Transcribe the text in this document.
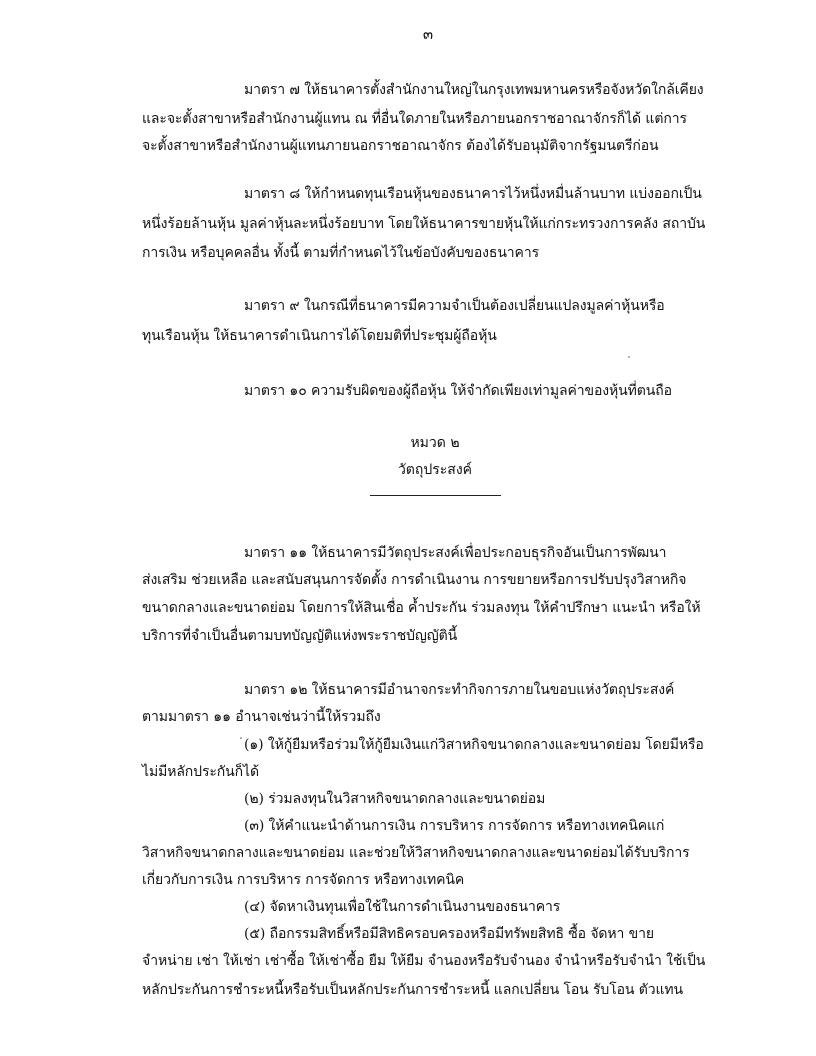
๓
มาตรา ๗ ให้ธนาคารตั้งสำนักงานใหญ่ในกรุงเทพมหานครหรือจังหวัดใกล้เคียง
และจะตั้งสาขาหรือสำนักงานผู้แทน ณ ที่อื่นใดภายในหรือภายนอกราชอาณาจักรก็ได้ แต่การ
จะตั้งสาขาหรือสำนักงานผู้แทนภายนอกราชอาณาจักร ต้องได้รับอนุมัติจากรัฐมนตรีก่อน
มาตรา ๘ ให้กำหนดทุนเรือนหุ้นของธนาคารไว้หนึ่งหมื่นล้านบาท แบ่งออกเป็น
หนึ่งร้อยล้านหุ้น มูลค่าหุ้นละหนึ่งร้อยบาท โดยให้ธนาคารขายหุ้นให้แก่กระทรวงการคลัง สถาบัน
การเงิน หรือบุคคลอื่น ทั้งนี้ ตามที่กำหนดไว้ในข้อบังคับของธนาคาร
มาตรา ๙ ในกรณีที่ธนาคารมีความจำเป็นต้องเปลี่ยนแปลงมูลค่าหุ้นหรือ
ทุนเรือนหุ้น ให้ธนาคารดำเนินการได้โดยมติที่ประชุมผู้ถือหุ้น
มาตรา ๑๐ ความรับผิดของผู้ถือหุ้น ให้จำกัดเพียงเท่ามูลค่าของหุ้นที่ตนถือ
หมวด ๒
วัตถุประสงค์
มาตรา ๑๑ ให้ธนาคารมีวัตถุประสงค์เพื่อประกอบธุรกิจอันเป็นการพัฒนา
ส่งเสริม ช่วยเหลือ และสนับสนุนการจัดตั้ง การดำเนินงาน การขยายหรือการปรับปรุงวิสาหกิจ
ขนาดกลางและขนาดย่อม โดยการให้สินเชื่อ ค้ำประกัน ร่วมลงทุน ให้คำปรึกษา แนะนำ หรือให้
บริการที่จำเป็นอื่นตามบทบัญญัติแห่งพระราชบัญญัตินี้
มาตรา ๑๒ ให้ธนาคารมีอำนาจกระทำกิจการภายในขอบแห่งวัตถุประสงค์
ตามมาตรา ๑๑ อำนาจเช่นว่านี้ให้รวมถึง
(๑) ให้กู้ยืมหรือร่วมให้กู้ยืมเงินแก่วิสาหกิจขนาดกลางและขนาดย่อม โดยมีหรือ
ไม่มีหลักประกันก็ได้
(๒) ร่วมลงทุนในวิสาหกิจขนาดกลางและขนาดย่อม
(๓) ให้คำแนะนำด้านการเงิน การบริหาร การจัดการ หรือทางเทคนิคแก่
วิสาหกิจขนาดกลางและขนาดย่อม และช่วยให้วิสาหกิจขนาดกลางและขนาดย่อมได้รับบริการ
เกี่ยวกับการเงิน การบริหาร การจัดการ หรือทางเทคนิค
(๔) จัดหาเงินทุนเพื่อใช้ในการดำเนินงานของธนาคาร
(๕) ถือกรรมสิทธิ์หรือมีสิทธิครอบครองหรือมีทรัพยสิทธิ ซื้อ จัดหา ขาย
จำหน่าย เช่า ให้เช่า เช่าซื้อ ให้เช่าซื้อ ยืม ให้ยืม จำนองหรือรับจำนอง จำนำหรือรับจำนำ ใช้เป็น
หลักประกันการชำระหนี้หรือรับเป็นหลักประกันการชำระหนี้ แลกเปลี่ยน โอน รับโอน ตัวแทน
